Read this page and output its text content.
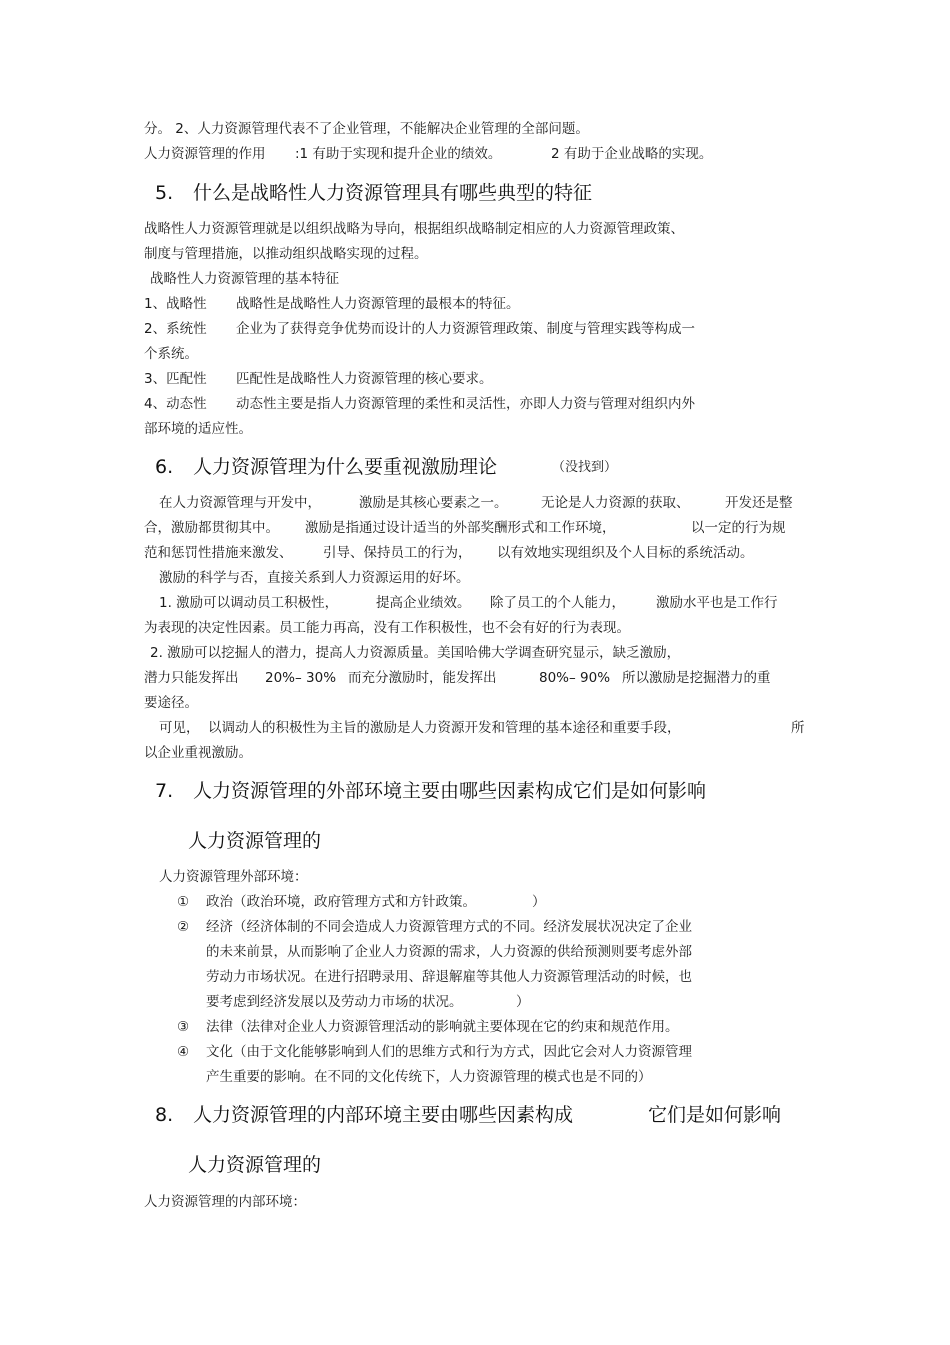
分。 2、人力资源管理代表不了企业管理，不能解决企业管理的全部问题。
人力资源管理的作用 :1 有助于实现和提升企业的绩效。	2 有助于企业战略的实现。
5. 什么是战略性人力资源管理具有哪些典型的特征
战略性人力资源管理就是以组织战略为导向，根据组织战略制定相应的人力资源管理政策、
制度与管理措施，以推动组织战略实现的过程。
战略性人力资源管理的基本特征
1、战略性 战略性是战略性人力资源管理的最根本的特征。
2、系统性 企业为了获得竞争优势而设计的人力资源管理政策、制度与管理实践等构成一
个系统。
3、匹配性 匹配性是战略性人力资源管理的核心要求。
4、动态性 动态性主要是指人力资源管理的柔性和灵活性，亦即人力资与管理对组织内外
部环境的适应性。
6. 人力资源管理为什么要重视激励理论	（没找到）
在人力资源管理与开发中，	激励是其核心要素之一。 无论是人力资源的获取、	开发还是整
合，激励都贯彻其中。 激励是指通过设计适当的外部奖酬形式和工作环境，	以一定的行为规
范和惩罚性措施来激发、 引导、保持员工的行为， 以有效地实现组织及个人目标的系统活动。
激励的科学与否，直接关系到人力资源运用的好坏。
1. 激励可以调动员工积极性，	提高企业绩效。 除了员工的个人能力， 激励水平也是工作行
为表现的决定性因素。员工能力再高，没有工作积极性，也不会有好的行为表现。
2. 激励可以挖掘人的潜力，提高人力资源质量。美国哈佛大学调查研究显示，缺乏激励，
潜力只能发挥出 20%– 30% 而充分激励时，能发挥出	80%– 90% 所以激励是挖掘潜力的重
要途径。
可见， 以调动人的积极性为主旨的激励是人力资源开发和管理的基本途径和重要手段，	所
以企业重视激励。
7. 人力资源管理的外部环境主要由哪些因素构成它们是如何影响
人力资源管理的
人力资源管理外部环境：
① 政治（政治环境，政府管理方式和方针政策。	）
② 经济（经济体制的不同会造成人力资源管理方式的不同。经济发展状况决定了企业
的未来前景，从而影响了企业人力资源的需求，人力资源的供给预测则要考虑外部
劳动力市场状况。在进行招聘录用、辞退解雇等其他人力资源管理活动的时候，也
要考虑到经济发展以及劳动力市场的状况。	）
③ 法律（法律对企业人力资源管理活动的影响就主要体现在它的约束和规范作用。
④ 文化（由于文化能够影响到人们的思维方式和行为方式，因此它会对人力资源管理
产生重要的影响。在不同的文化传统下，人力资源管理的模式也是不同的）
8. 人力资源管理的内部环境主要由哪些因素构成	它们是如何影响
人力资源管理的
人力资源管理的内部环境：
